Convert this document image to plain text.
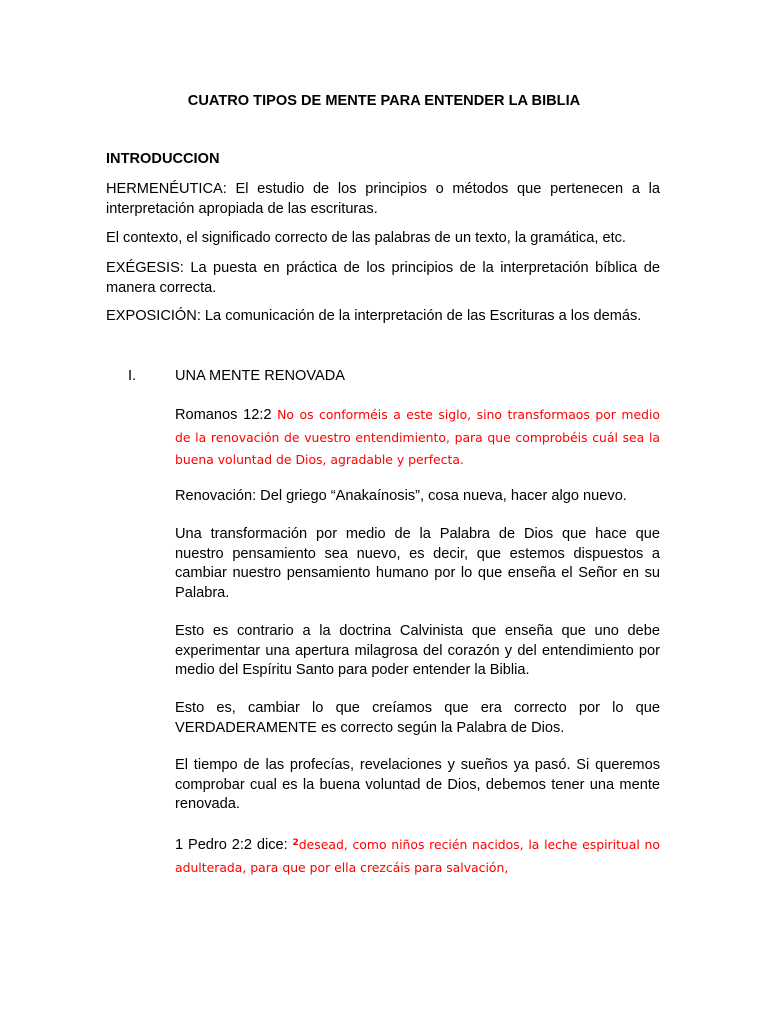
CUATRO TIPOS DE MENTE PARA ENTENDER LA BIBLIA
INTRODUCCION
HERMENÉUTICA: El estudio de los principios o métodos que pertenecen a la interpretación apropiada de las escrituras.
El contexto, el significado correcto de las palabras de un texto, la gramática, etc.
EXÉGESIS: La puesta en práctica de los principios de la interpretación bíblica de manera correcta.
EXPOSICIÓN: La comunicación de la interpretación de las Escrituras a los demás.
I.	UNA MENTE RENOVADA
Romanos 12:2 No os conforméis a este siglo, sino transformaos por medio de la renovación de vuestro entendimiento, para que comprobéis cuál sea la buena voluntad de Dios, agradable y perfecta.
Renovación: Del griego “Anakaínosis”, cosa nueva, hacer algo nuevo.
Una transformación por medio de la Palabra de Dios que hace que nuestro pensamiento sea nuevo, es decir, que estemos dispuestos a cambiar nuestro pensamiento humano por lo que enseña el Señor en su Palabra.
Esto es contrario a la doctrina Calvinista que enseña que uno debe experimentar una apertura milagrosa del corazón y del entendimiento por medio del Espíritu Santo para poder entender la Biblia.
Esto es, cambiar lo que creíamos que era correcto por lo que VERDADERAMENTE es correcto según la Palabra de Dios.
El tiempo de las profecías, revelaciones y sueños ya pasó. Si queremos comprobar cual es la buena voluntad de Dios, debemos tener una mente renovada.
1 Pedro 2:2 dice: $^2$desead, como niños recién nacidos, la leche espiritual no adulterada, para que por ella crezcáis para salvación,
